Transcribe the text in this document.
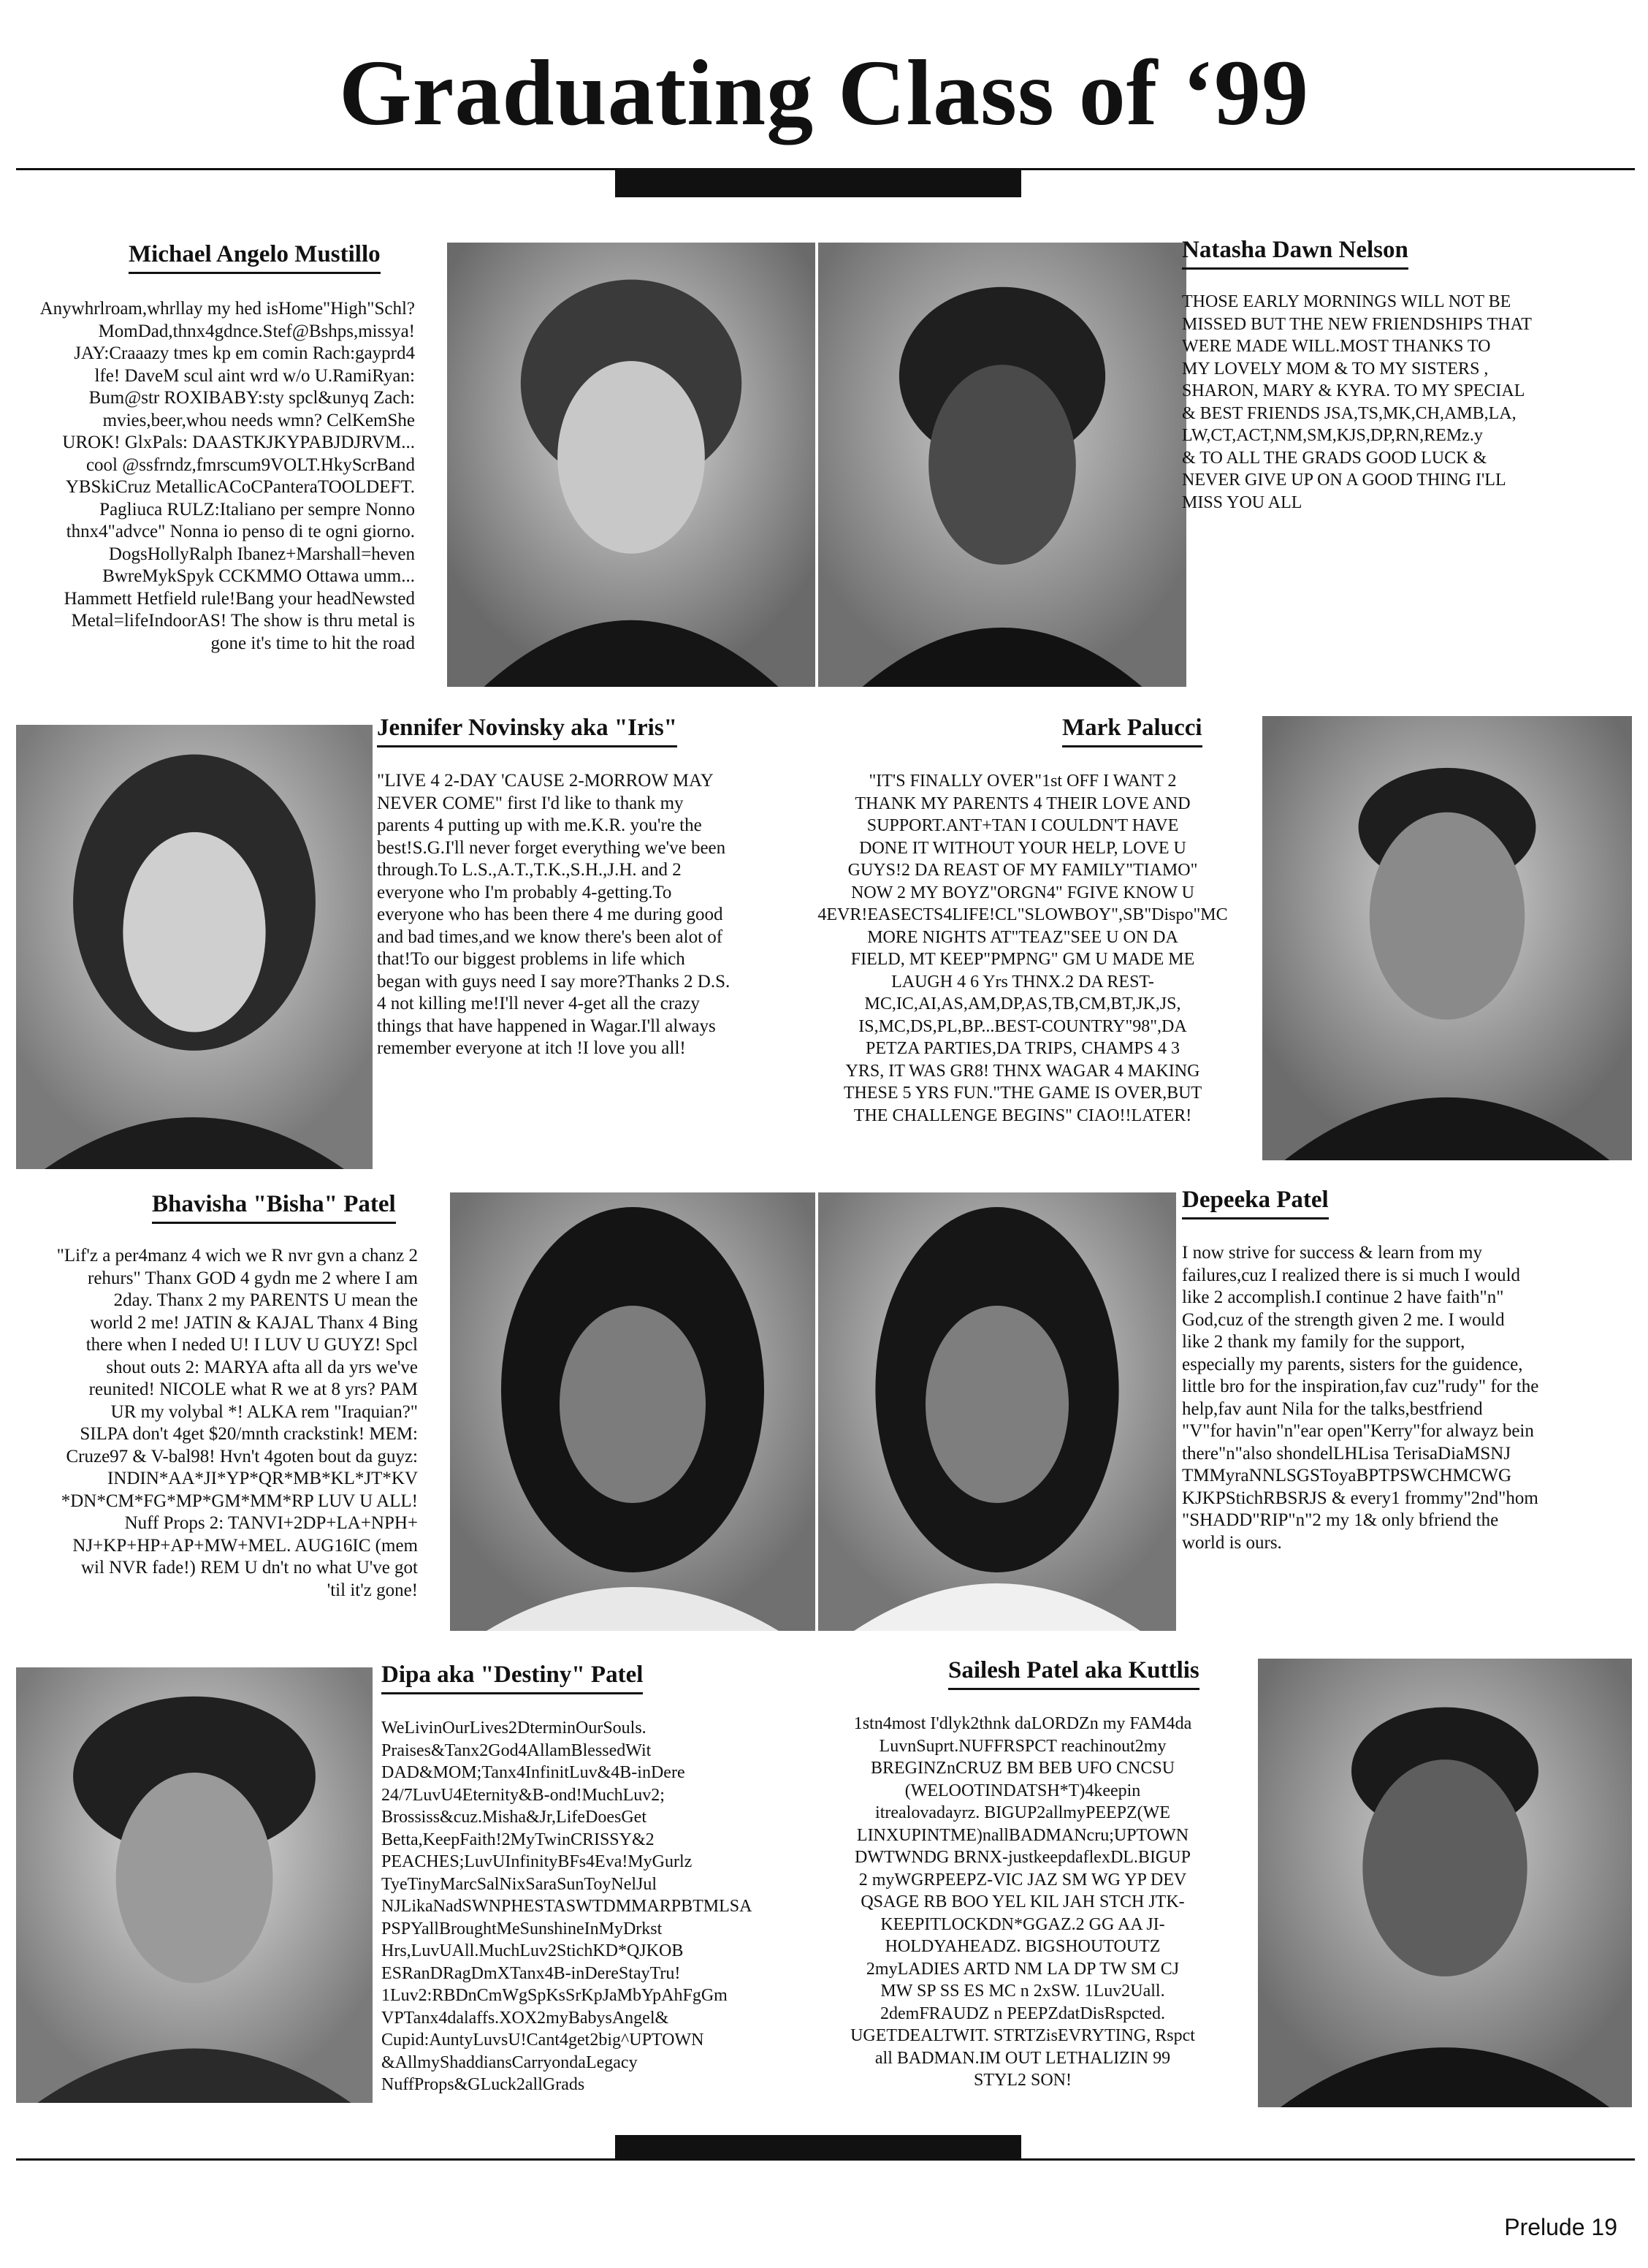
Graduating Class of ‘99
Michael Angelo Mustillo
Anywhrlroam,whrllay my hed isHome"High"Schl?
MomDad,thnx4gdnce.Stef@Bshps,missya!
JAY:Craaazy tmes kp em comin Rach:gayprd4
lfe! DaveM scul aint wrd w/o U.RamiRyan:
Bum@str ROXIBABY:sty spcl&unyq Zach:
mvies,beer,whou needs wmn? CelKemShe
UROK! GlxPals: DAASTKJKYPABJDJRVM...
cool @ssfrndz,fmrscum9VOLT.HkyScrBand
YBSkiCruz MetallicACoCPanteraTOOLDEFT.
Pagliuca RULZ:Italiano per sempre Nonno
thnx4"advce" Nonna io penso di te ogni giorno.
DogsHollyRalph Ibanez+Marshall=heven
BwreMykSpyk CCKMMO Ottawa umm...
Hammett Hetfield rule!Bang your headNewsted
Metal=lifeIndoorAS! The show is thru metal is
gone it's time to hit the road
Natasha Dawn Nelson
THOSE EARLY MORNINGS WILL NOT BE
MISSED BUT THE NEW FRIENDSHIPS THAT
WERE MADE WILL.MOST THANKS TO
MY LOVELY MOM & TO MY SISTERS ,
SHARON, MARY & KYRA. TO MY SPECIAL
& BEST FRIENDS JSA,TS,MK,CH,AMB,LA,
LW,CT,ACT,NM,SM,KJS,DP,RN,REMz.y
& TO ALL THE GRADS GOOD LUCK &
NEVER GIVE UP ON A GOOD THING I'LL
MISS YOU ALL
Jennifer Novinsky aka "Iris"
"LIVE 4 2-DAY 'CAUSE 2-MORROW MAY
NEVER COME" first I'd like to thank my
parents 4 putting up with me.K.R. you're the
best!S.G.I'll never forget everything we've been
through.To L.S.,A.T.,T.K.,S.H.,J.H. and 2
everyone who I'm probably 4-getting.To
everyone who has been there 4 me during good
and bad times,and we know there's been alot of
that!To our biggest problems in life which
began with guys need I say more?Thanks 2 D.S.
4 not killing me!I'll never 4-get all the crazy
things that have happened in Wagar.I'll always
remember everyone at itch !I love you all!
Mark Palucci
"IT'S FINALLY OVER"1st OFF I WANT 2
THANK MY PARENTS 4 THEIR LOVE AND
SUPPORT.ANT+TAN I COULDN'T HAVE
DONE IT WITHOUT YOUR HELP, LOVE U
GUYS!2 DA REAST OF MY FAMILY"TIAMO"
NOW 2 MY BOYZ"ORGN4" FGIVE KNOW U
4EVR!EASECTS4LIFE!CL"SLOWBOY",SB"Dispo"MC
MORE NIGHTS AT"TEAZ"SEE U ON DA
FIELD, MT KEEP"PMPNG" GM U MADE ME
LAUGH 4 6 Yrs THNX.2 DA REST-
MC,IC,AI,AS,AM,DP,AS,TB,CM,BT,JK,JS,
IS,MC,DS,PL,BP...BEST-COUNTRY"98",DA
PETZA PARTIES,DA TRIPS, CHAMPS 4 3
YRS, IT WAS GR8! THNX WAGAR 4 MAKING
THESE 5 YRS FUN."THE GAME IS OVER,BUT
THE CHALLENGE BEGINS" CIAO!!LATER!
Bhavisha "Bisha" Patel
"Lif'z a per4manz 4 wich we R nvr gvn a chanz 2
rehurs" Thanx GOD 4 gydn me 2 where I am
2day. Thanx 2 my PARENTS U mean the
world 2 me! JATIN & KAJAL Thanx 4 Bing
there when I neded U! I LUV U GUYZ! Spcl
shout outs 2: MARYA afta all da yrs we've
reunited! NICOLE what R we at 8 yrs? PAM
UR my volybal *! ALKA rem "Iraquian?"
SILPA don't 4get $20/mnth crackstink! MEM:
Cruze97 & V-bal98! Hvn't 4goten bout da guyz:
INDIN*AA*JI*YP*QR*MB*KL*JT*KV
*DN*CM*FG*MP*GM*MM*RP LUV U ALL!
Nuff Props 2: TANVI+2DP+LA+NPH+
NJ+KP+HP+AP+MW+MEL. AUG16IC (mem
wil NVR fade!) REM U dn't no what U've got
'til it'z gone!
Depeeka Patel
I now strive for success & learn from my
failures,cuz I realized there is si much I would
like 2 accomplish.I continue 2 have faith"n"
God,cuz of the strength given 2 me. I would
like 2 thank my family for the support,
especially my parents, sisters for the guidence,
little bro for the inspiration,fav cuz"rudy" for the
help,fav aunt Nila for the talks,bestfriend
"V"for havin"n"ear open"Kerry"for alwayz bein
there"n"also shondelLHLisa TerisaDiaMSNJ
TMMyraNNLSGSToyaBPTPSWCHMCWG
KJKPStichRBSRJS & every1 frommy"2nd"hom
"SHADD"RIP"n"2 my 1& only bfriend the
world is ours.
Dipa aka "Destiny" Patel
WeLivinOurLives2DterminOurSouls.
Praises&Tanx2God4AllamBlessedWit
DAD&MOM;Tanx4InfinitLuv&4B-inDere
24/7LuvU4Eternity&B-ond!MuchLuv2;
Brossiss&cuz.Misha&Jr,LifeDoesGet
Betta,KeepFaith!2MyTwinCRISSY&2
PEACHES;LuvUInfinityBFs4Eva!MyGurlz
TyeTinyMarcSalNixSaraSunToyNelJul
NJLikaNadSWNPHESTASWTDMMARPBTMLSA
PSPYallBroughtMeSunshineInMyDrkst
Hrs,LuvUAll.MuchLuv2StichKD*QJKOB
ESRanDRagDmXTanx4B-inDereStayTru!
1Luv2:RBDnCmWgSpKsSrKpJaMbYpAhFgGm
VPTanx4dalaffs.XOX2myBabysAngel&
Cupid:AuntyLuvsU!Cant4get2big^UPTOWN
&AllmyShaddiansCarryondaLegacy
NuffProps&GLuck2allGrads
Sailesh Patel aka Kuttlis
1stn4most I'dlyk2thnk daLORDZn my FAM4da
LuvnSuprt.NUFFRSPCT reachinout2my
BREGINZnCRUZ BM BEB UFO CNCSU
(WELOOTINDATSH*T)4keepin
itrealovadayrz. BIGUP2allmyPEEPZ(WE
LINXUPINTME)nallBADMANcru;UPTOWN
DWTWNDG BRNX-justkeepdaflexDL.BIGUP
2 myWGRPEEPZ-VIC JAZ SM WG YP DEV
QSAGE RB BOO YEL KIL JAH STCH JTK-
KEEPITLOCKDN*GGAZ.2 GG AA JI-
HOLDYAHEADZ. BIGSHOUTOUTZ
2myLADIES ARTD NM LA DP TW SM CJ
MW SP SS ES MC n 2xSW. 1Luv2Uall.
2demFRAUDZ n PEEPZdatDisRspcted.
UGETDEALTWIT. STRTZisEVRYTING, Rspct
all BADMAN.IM OUT LETHALIZIN 99
STYL2 SON!
Prelude 19
